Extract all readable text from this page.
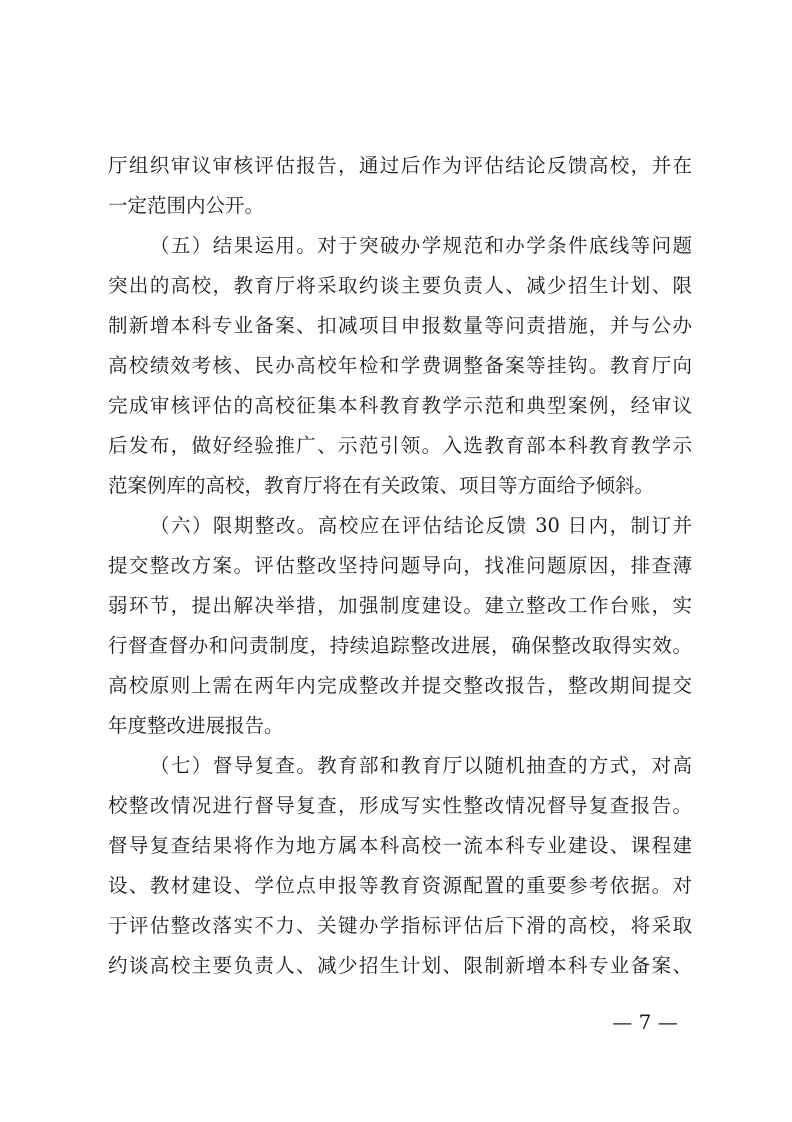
厅组织审议审核评估报告，通过后作为评估结论反馈高校，并在
一定范围内公开。
（五）结果运用。对于突破办学规范和办学条件底线等问题
突出的高校，教育厅将采取约谈主要负责人、减少招生计划、限
制新增本科专业备案、扣减项目申报数量等问责措施，并与公办
高校绩效考核、民办高校年检和学费调整备案等挂钩。教育厅向
完成审核评估的高校征集本科教育教学示范和典型案例，经审议
后发布，做好经验推广、示范引领。入选教育部本科教育教学示
范案例库的高校，教育厅将在有关政策、项目等方面给予倾斜。
（六）限期整改。高校应在评估结论反馈 30 日内，制订并
提交整改方案。评估整改坚持问题导向，找准问题原因，排查薄
弱环节，提出解决举措，加强制度建设。建立整改工作台账，实
行督查督办和问责制度，持续追踪整改进展，确保整改取得实效。
高校原则上需在两年内完成整改并提交整改报告，整改期间提交
年度整改进展报告。
（七）督导复查。教育部和教育厅以随机抽查的方式，对高
校整改情况进行督导复查，形成写实性整改情况督导复查报告。
督导复查结果将作为地方属本科高校一流本科专业建设、课程建
设、教材建设、学位点申报等教育资源配置的重要参考依据。对
于评估整改落实不力、关键办学指标评估后下滑的高校，将采取
约谈高校主要负责人、减少招生计划、限制新增本科专业备案、
— 7 —
